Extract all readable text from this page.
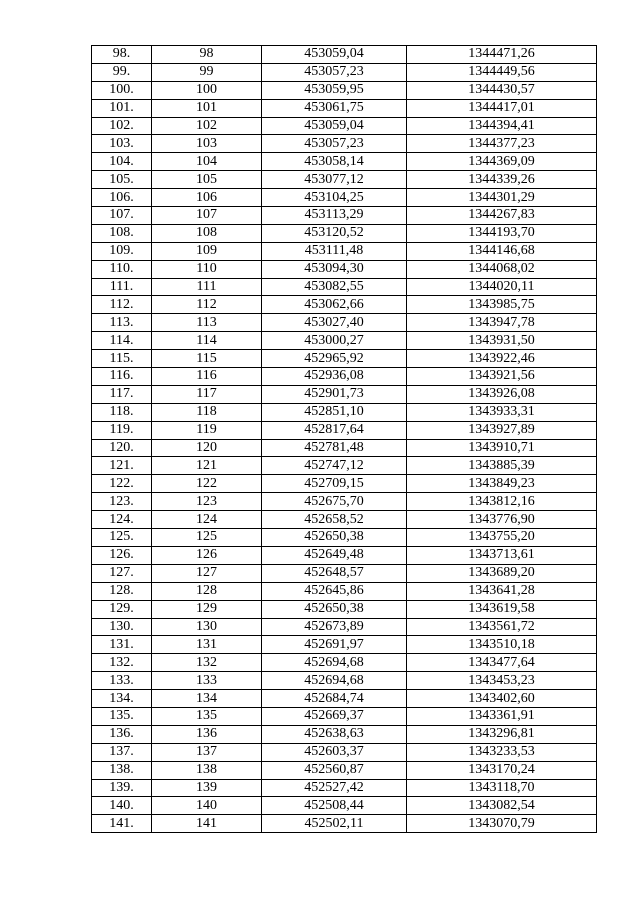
98.	98	453059,04	1344471,26
99.	99	453057,23	1344449,56
100.	100	453059,95	1344430,57
101.	101	453061,75	1344417,01
102.	102	453059,04	1344394,41
103.	103	453057,23	1344377,23
104.	104	453058,14	1344369,09
105.	105	453077,12	1344339,26
106.	106	453104,25	1344301,29
107.	107	453113,29	1344267,83
108.	108	453120,52	1344193,70
109.	109	453111,48	1344146,68
110.	110	453094,30	1344068,02
111.	111	453082,55	1344020,11
112.	112	453062,66	1343985,75
113.	113	453027,40	1343947,78
114.	114	453000,27	1343931,50
115.	115	452965,92	1343922,46
116.	116	452936,08	1343921,56
117.	117	452901,73	1343926,08
118.	118	452851,10	1343933,31
119.	119	452817,64	1343927,89
120.	120	452781,48	1343910,71
121.	121	452747,12	1343885,39
122.	122	452709,15	1343849,23
123.	123	452675,70	1343812,16
124.	124	452658,52	1343776,90
125.	125	452650,38	1343755,20
126.	126	452649,48	1343713,61
127.	127	452648,57	1343689,20
128.	128	452645,86	1343641,28
129.	129	452650,38	1343619,58
130.	130	452673,89	1343561,72
131.	131	452691,97	1343510,18
132.	132	452694,68	1343477,64
133.	133	452694,68	1343453,23
134.	134	452684,74	1343402,60
135.	135	452669,37	1343361,91
136.	136	452638,63	1343296,81
137.	137	452603,37	1343233,53
138.	138	452560,87	1343170,24
139.	139	452527,42	1343118,70
140.	140	452508,44	1343082,54
141.	141	452502,11	1343070,79
